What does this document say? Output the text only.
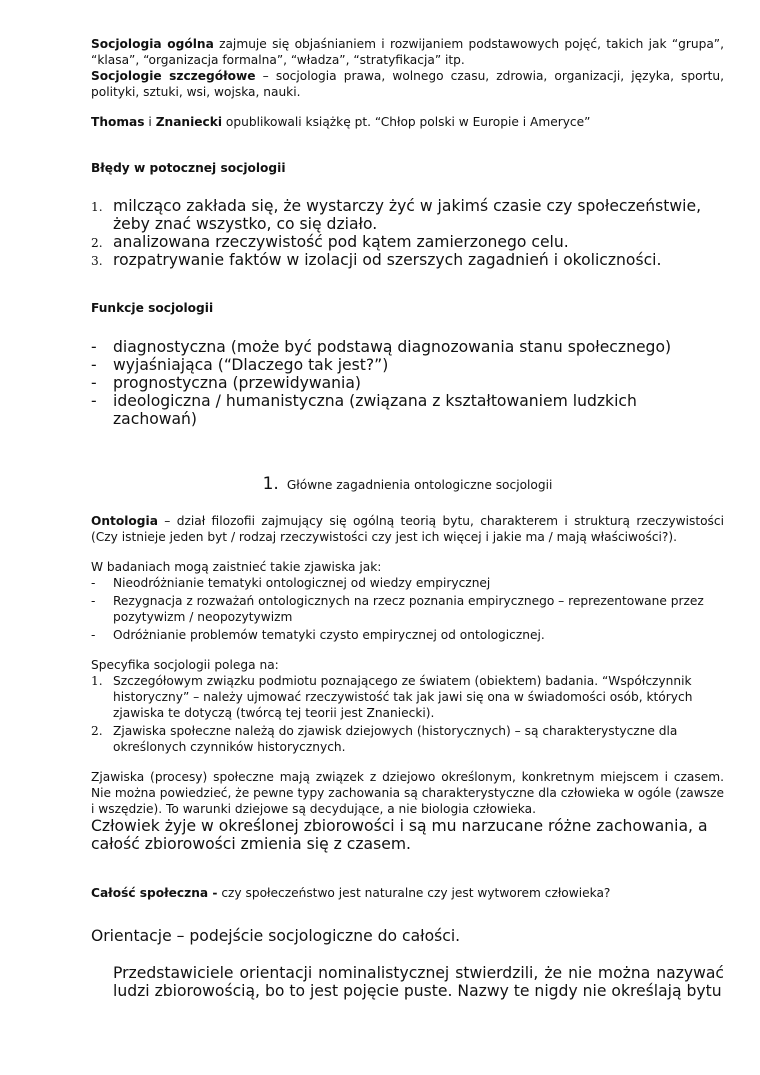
Socjologia ogólna zajmuje się objaśnianiem i rozwijaniem podstawowych pojęć, takich jak “grupa”, “klasa”, “organizacja formalna”, “władza”, “stratyfikacja” itp.

Socjologie szczegółowe – socjologia prawa, wolnego czasu, zdrowia, organizacji, języka, sportu, polityki, sztuki, wsi, wojska, nauki.

Thomas i Znaniecki opublikowali książkę pt. “Chłop polski w Europie i Ameryce”

Błędy w potocznej socjologii

1. milcząco zakłada się, że wystarczy żyć w jakimś czasie czy społeczeństwie, żeby znać wszystko, co się działo.
2. analizowana rzeczywistość pod kątem zamierzonego celu.
3. rozpatrywanie faktów w izolacji od szerszych zagadnień i okoliczności.

Funkcje socjologii

- diagnostyczna (może być podstawą diagnozowania stanu społecznego)
- wyjaśniająca (“Dlaczego tak jest?”)
- prognostyczna (przewidywania)
- ideologiczna / humanistyczna (związana z kształtowaniem ludzkich zachowań)

1. Główne zagadnienia ontologiczne socjologii

Ontologia – dział filozofii zajmujący się ogólną teorią bytu, charakterem i strukturą rzeczywistości (Czy istnieje jeden byt / rodzaj rzeczywistości czy jest ich więcej i jakie ma / mają właściwości?).

W badaniach mogą zaistnieć takie zjawiska jak:

- Nieodróżnianie tematyki ontologicznej od wiedzy empirycznej
- Rezygnacja z rozważań ontologicznych na rzecz poznania empirycznego – reprezentowane przez pozytywizm / neopozytywizm
- Odróżnianie problemów tematyki czysto empirycznej od ontologicznej.

Specyfika socjologii polega na:

1. Szczegółowym związku podmiotu poznającego ze światem (obiektem) badania. “Współczynnik historyczny” – należy ujmować rzeczywistość tak jak jawi się ona w świadomości osób, których zjawiska te dotyczą (twórcą tej teorii jest Znaniecki).
2. Zjawiska społeczne należą do zjawisk dziejowych (historycznych) – są charakterystyczne dla określonych czynników historycznych.

Zjawiska (procesy) społeczne mają związek z dziejowo określonym, konkretnym miejscem i czasem. Nie można powiedzieć, że pewne typy zachowania są charakterystyczne dla człowieka w ogóle (zawsze i wszędzie). To warunki dziejowe są decydujące, a nie biologia człowieka.

Człowiek żyje w określonej zbiorowości i są mu narzucane różne zachowania, a całość zbiorowości zmienia się z czasem.

Całość społeczna - czy społeczeństwo jest naturalne czy jest wytworem człowieka?

Orientacje – podejście socjologiczne do całości.

Przedstawiciele orientacji nominalistycznej stwierdzili, że nie można nazywać ludzi zbiorowością, bo to jest pojęcie puste. Nazwy te nigdy nie określają bytu
